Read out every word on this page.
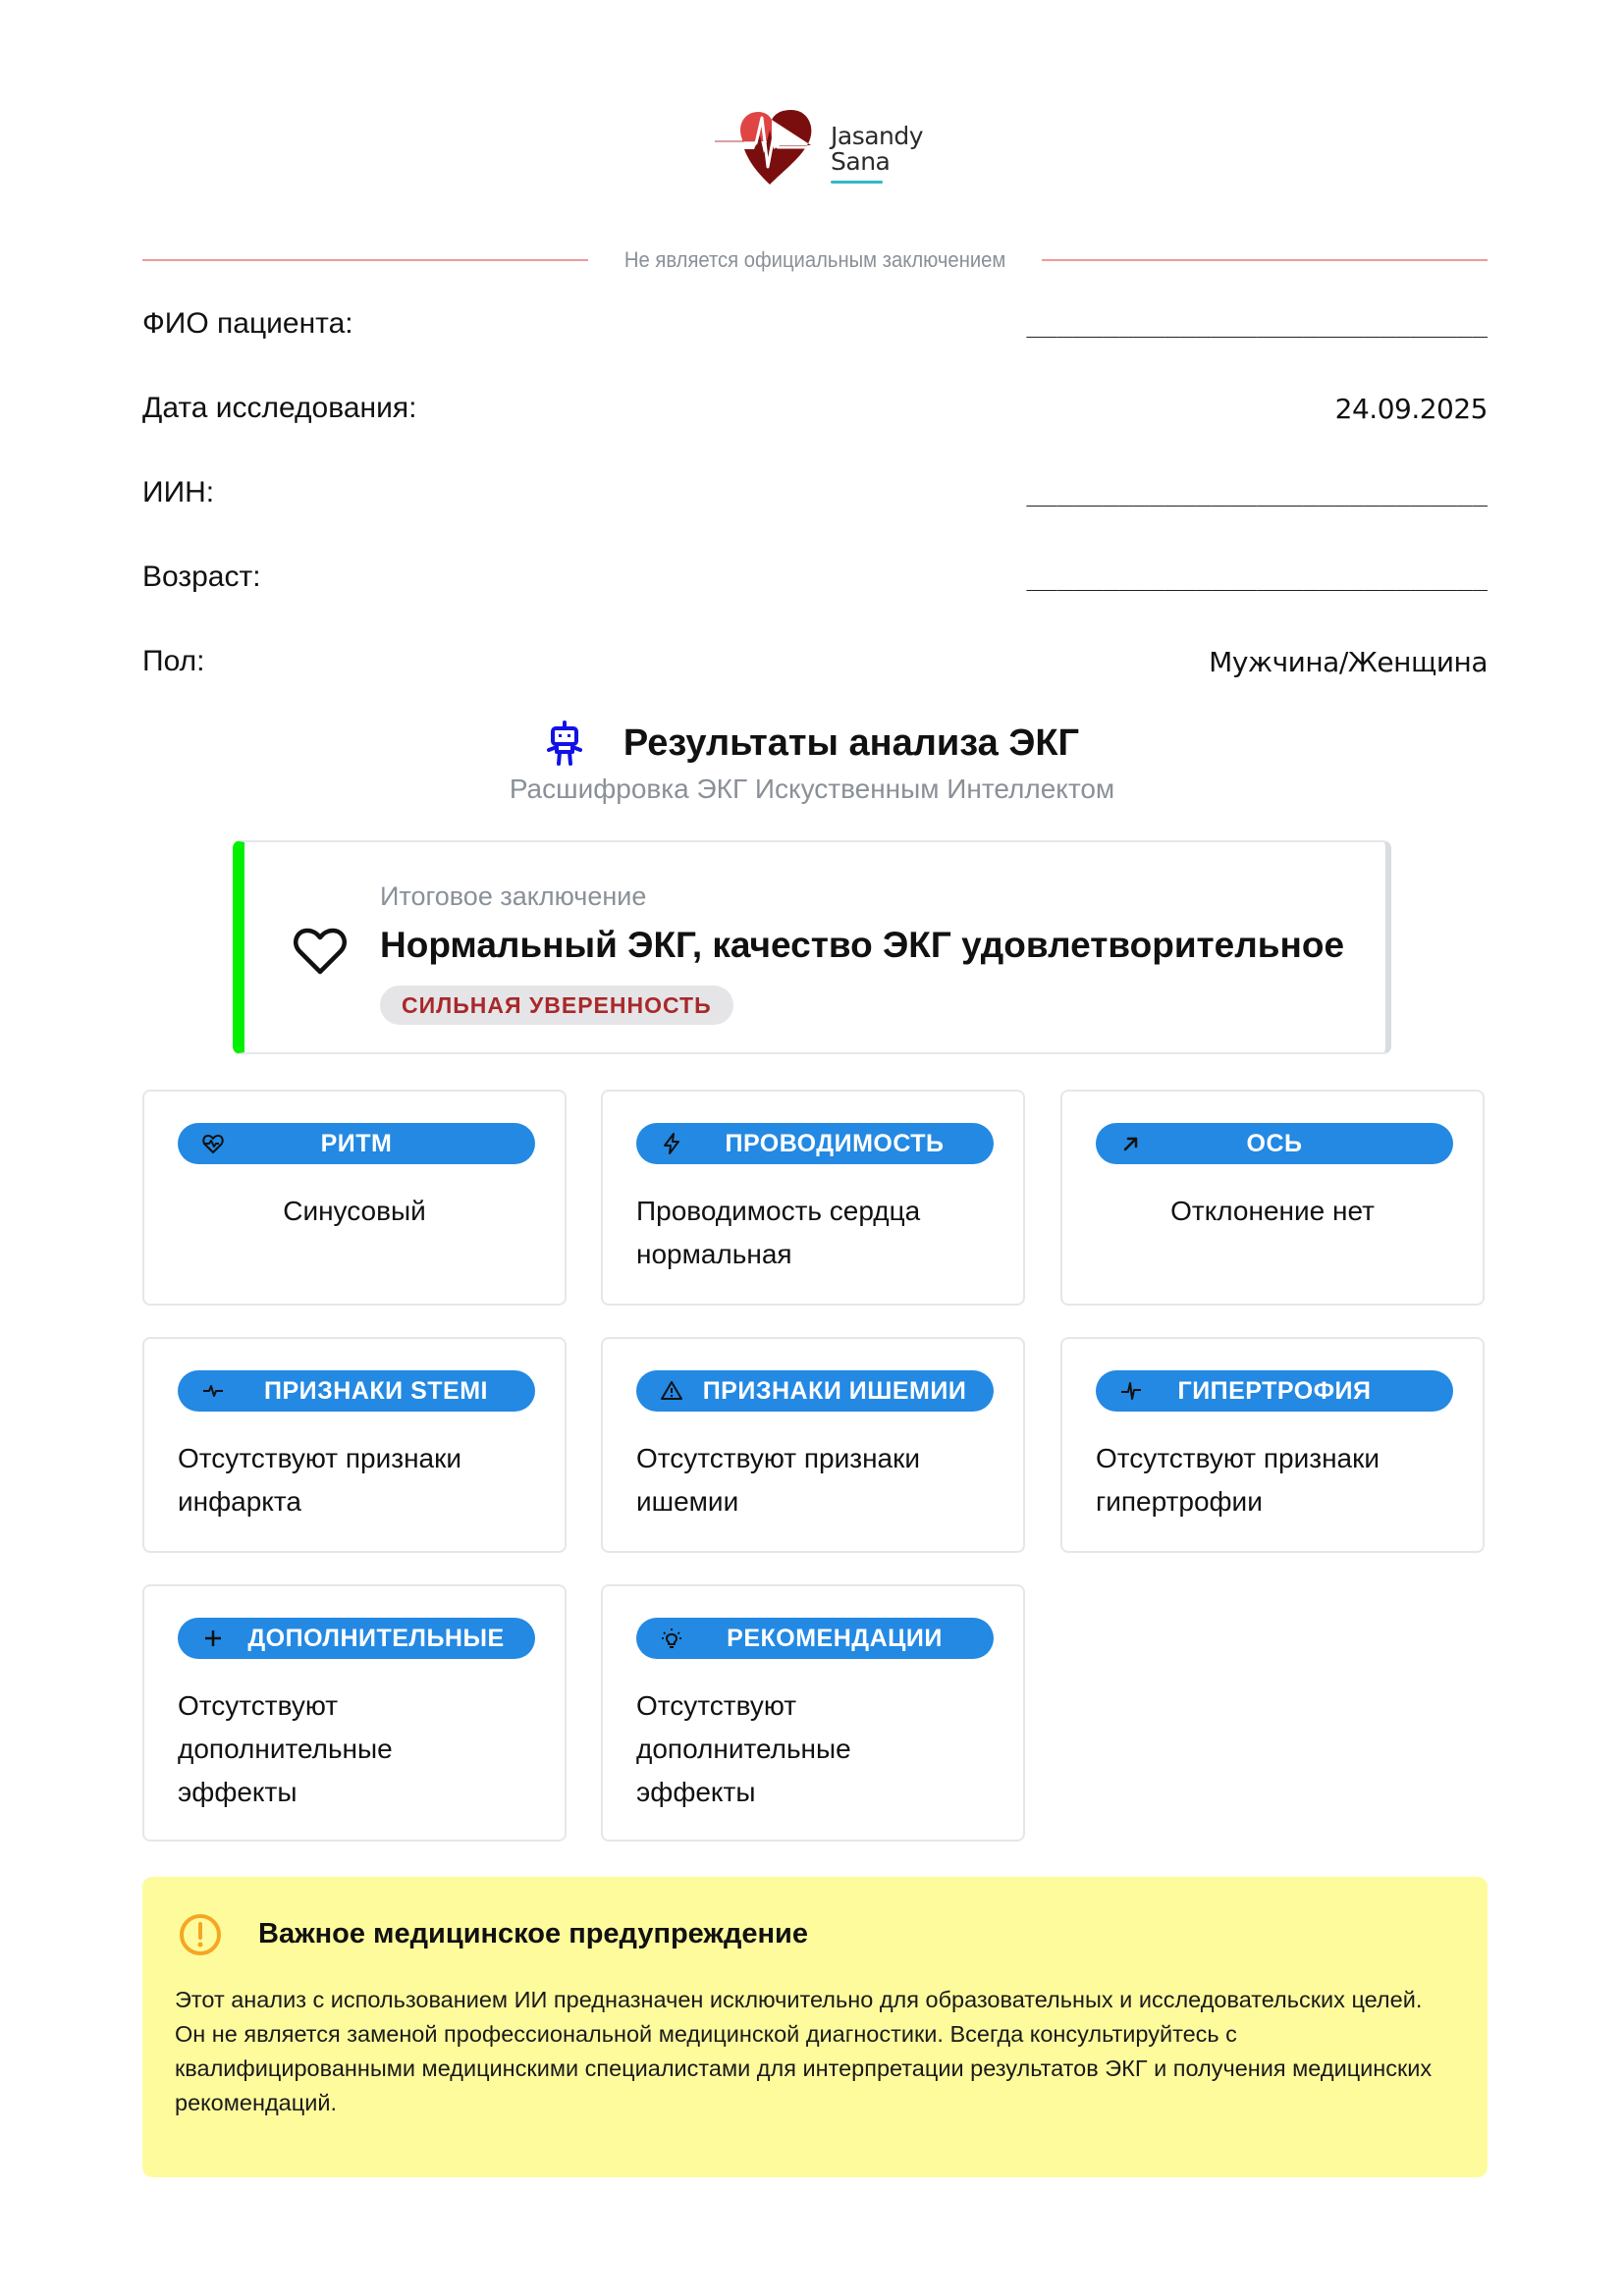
Jasandy
Sana
Не является официальным заключением
ФИО пациента:	______________________________
Дата исследования:	24.09.2025
ИИН:	______________________________
Возраст:	______________________________
Пол:	Мужчина/Женщина
Результаты анализа ЭКГ
Расшифровка ЭКГ Искуственным Интеллектом
Итоговое заключение
Нормальный ЭКГ, качество ЭКГ удовлетворительное
СИЛЬНАЯ УВЕРЕННОСТЬ
РИТМ
Синусовый
ПРОВОДИМОСТЬ
Проводимость сердца нормальная
ОСЬ
Отклонение нет
ПРИЗНАКИ STEMI
Отсутствуют признаки инфаркта
ПРИЗНАКИ ИШЕМИИ
Отсутствуют признаки ишемии
ГИПЕРТРОФИЯ
Отсутствуют признаки гипертрофии
ДОПОЛНИТЕЛЬНЫЕ
Отсутствуют дополнительные эффекты
РЕКОМЕНДАЦИИ
Отсутствуют дополнительные эффекты
Важное медицинское предупреждение
Этот анализ с использованием ИИ предназначен исключительно для образовательных и исследовательских целей. Он не является заменой профессиональной медицинской диагностики. Всегда консультируйтесь с квалифицированными медицинскими специалистами для интерпретации результатов ЭКГ и получения медицинских рекомендаций.
